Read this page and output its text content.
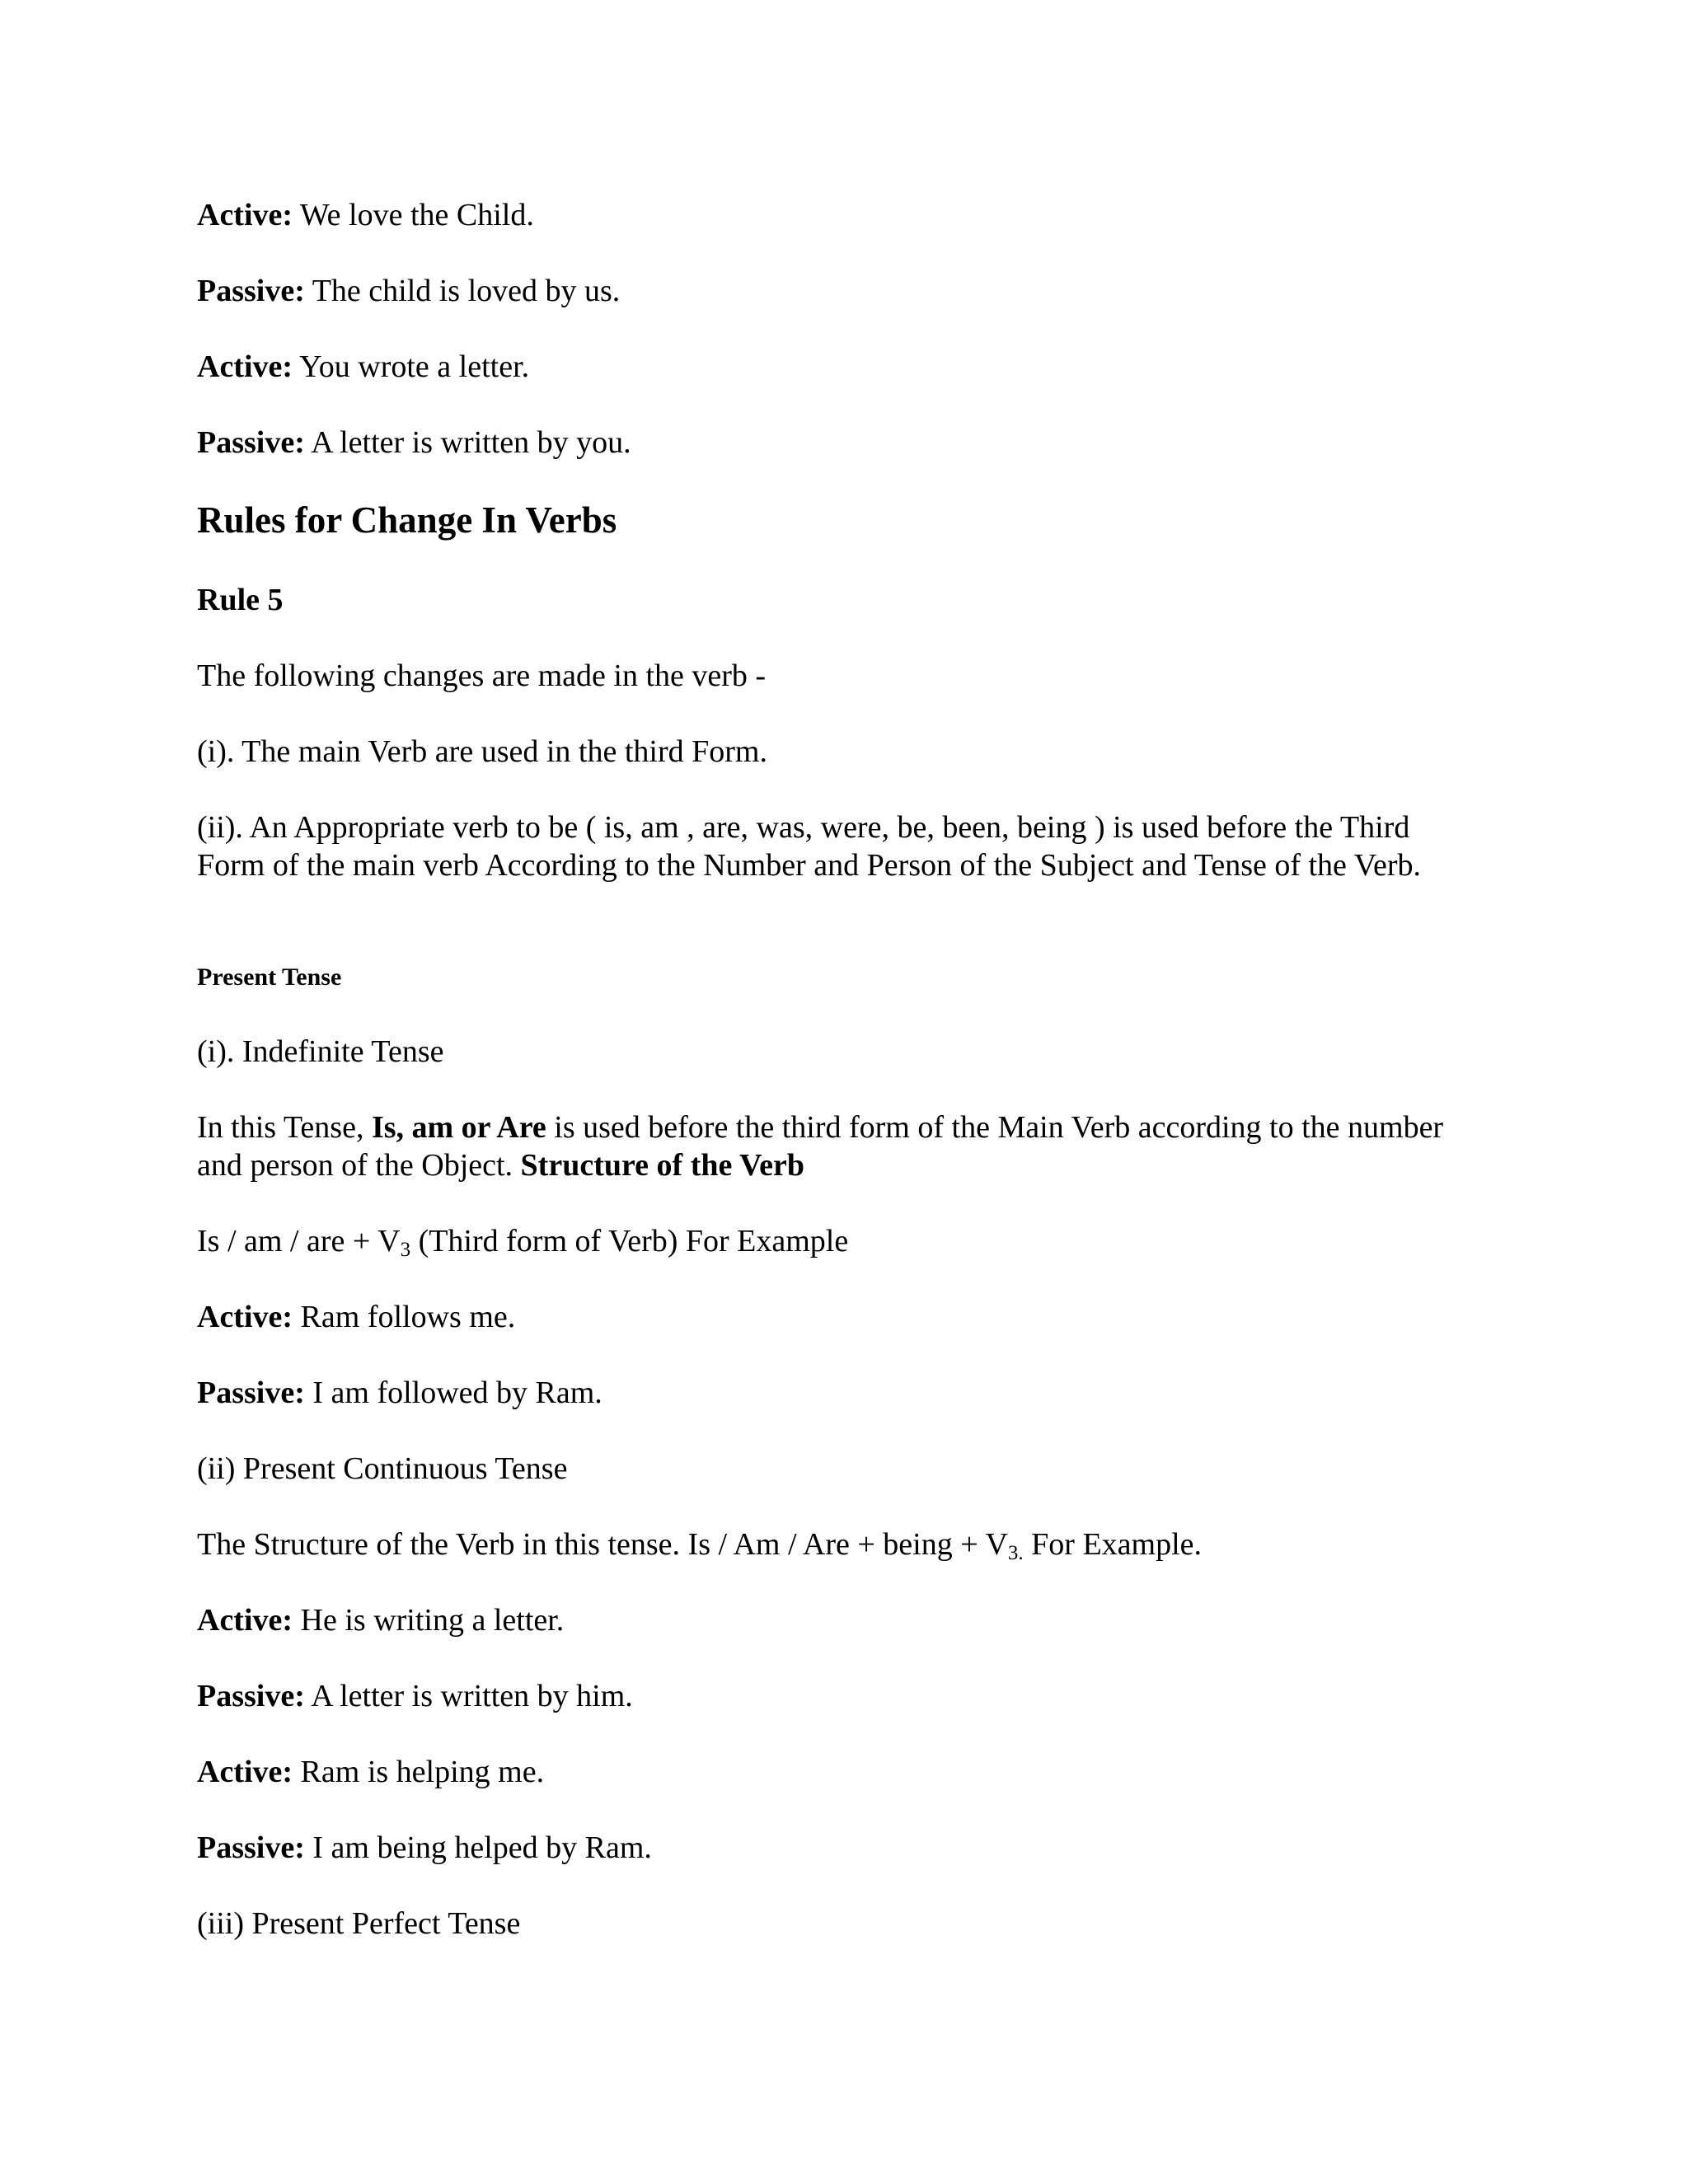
Active: We love the Child.
Passive: The child is loved by us.
Active: You wrote a letter.
Passive: A letter is written by you.
Rules for Change In Verbs
Rule 5
The following changes are made in the verb -
(i). The main Verb are used in the third Form.
(ii). An Appropriate verb to be ( is, am , are, was, were, be, been, being ) is used before the Third Form of the main verb According to the Number and Person of the Subject and Tense of the Verb.
Present Tense
(i). Indefinite Tense
In this Tense, Is, am or Are is used before the third form of the Main Verb according to the number and person of the Object. Structure of the Verb
Is / am / are + $V_3$ (Third form of Verb) For Example
Active: Ram follows me.
Passive: I am followed by Ram.
(ii) Present Continuous Tense
The Structure of the Verb in this tense. Is / Am / Are + being + $V_{3.}$ For Example.
Active: He is writing a letter.
Passive: A letter is written by him.
Active: Ram is helping me.
Passive: I am being helped by Ram.
(iii) Present Perfect Tense
